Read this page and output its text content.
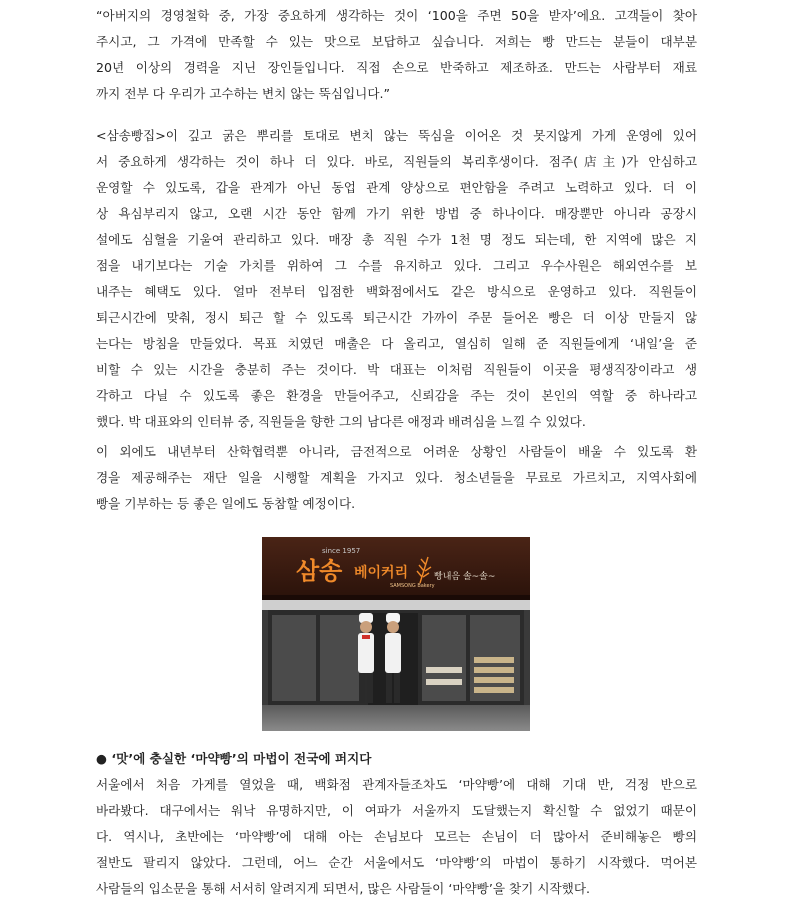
“아버지의 경영철학 중, 가장 중요하게 생각하는 것이 ‘100을 주면 50을 받자’에요. 고객들이 찾아
주시고, 그 가격에 만족할 수 있는 맛으로 보답하고 싶습니다. 저희는 빵 만드는 분들이 대부분
20년 이상의 경력을 지닌 장인들입니다. 직접 손으로 반죽하고 제조하죠. 만드는 사람부터 재료
까지 전부 다 우리가 고수하는 변치 않는 뚝심입니다.”
<삼송빵집>이 깊고 굵은 뿌리를 토대로 변치 않는 뚝심을 이어온 것 못지않게 가게 운영에 있어
서 중요하게 생각하는 것이 하나 더 있다. 바로, 직원들의 복리후생이다. 점주(店主)가 안심하고
운영할 수 있도록, 갑을 관계가 아닌 동업 관계 양상으로 편안함을 주려고 노력하고 있다. 더 이
상 욕심부리지 않고, 오랜 시간 동안 함께 가기 위한 방법 중 하나이다. 매장뿐만 아니라 공장시
설에도 심혈을 기울여 관리하고 있다. 매장 총 직원 수가 1천 명 정도 되는데, 한 지역에 많은 지
점을 내기보다는 기술 가치를 위하여 그 수를 유지하고 있다. 그리고 우수사원은 해외연수를 보
내주는 혜택도 있다. 얼마 전부터 입점한 백화점에서도 같은 방식으로 운영하고 있다. 직원들이
퇴근시간에 맞춰, 정시 퇴근 할 수 있도록 퇴근시간 가까이 주문 들어온 빵은 더 이상 만들지 않
는다는 방침을 만들었다. 목표 치였던 매출은 다 올리고, 열심히 일해 준 직원들에게 ‘내일’을 준
비할 수 있는 시간을 충분히 주는 것이다. 박 대표는 이처럼 직원들이 이곳을 평생직장이라고 생
각하고 다닐 수 있도록 좋은 환경을 만들어주고, 신뢰감을 주는 것이 본인의 역할 중 하나라고
했다. 박 대표와의 인터뷰 중, 직원들을 향한 그의 남다른 애정과 배려심을 느낄 수 있었다.
이 외에도 내년부터 산학협력뿐 아니라, 금전적으로 어려운 상황인 사람들이 배울 수 있도록 환
경을 제공해주는 재단 일을 시행할 계획을 가지고 있다. 청소년들을 무료로 가르치고, 지역사회에
빵을 기부하는 등 좋은 일에도 동참할 예정이다.
since 1957
삼송 베이커리
SAMSONG Bakery
빵내음 솔~솔~
● ‘맛’에 충실한 ‘마약빵’의 마법이 전국에 퍼지다
서울에서 처음 가게를 열었을 때, 백화점 관계자들조차도 ‘마약빵’에 대해 기대 반, 걱정 반으로
바라봤다. 대구에서는 워낙 유명하지만, 이 여파가 서울까지 도달했는지 확신할 수 없었기 때문이
다. 역시나, 초반에는 ‘마약빵’에 대해 아는 손님보다 모르는 손님이 더 많아서 준비해놓은 빵의
절반도 팔리지 않았다. 그런데, 어느 순간 서울에서도 ‘마약빵’의 마법이 통하기 시작했다. 먹어본
사람들의 입소문을 통해 서서히 알려지게 되면서, 많은 사람들이 ‘마약빵’을 찾기 시작했다.
